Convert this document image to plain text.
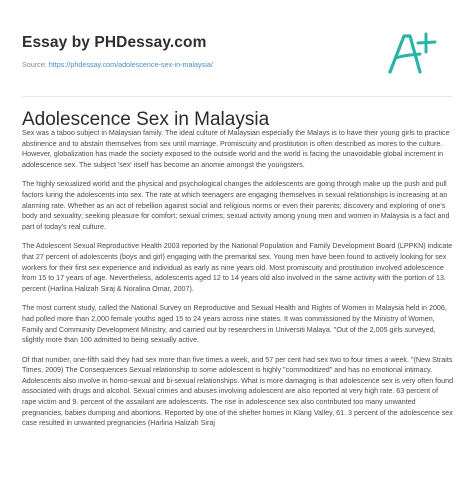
Essay by PHDessay.com
Source: https://phdessay.com/adolescence-sex-in-malaysia/
Adolescence Sex in Malaysia

Sex was a taboo subject in Malaysian family. The ideal culture of Malaysian especially the Malays is to have their young girls to practice abstinence and to abstain themselves from sex until marriage. Promiscuity and prostitution is often described as mores to the culture. However, globalization has made the society exposed to the outside world and the world is facing the unavoidable global increment in adolescence sex. The subject 'sex' itself has become an anomie amongst the youngsters.

The highly sexualized world and the physical and psychological changes the adolescents are going through make up the push and pull factors luring the adolescents into sex. The rate at which teenagers are engaging themselves in sexual relationships is increasing at an alarming rate. Whether as an act of rebellion against social and religious norms or even their parents; discovery and exploring of one's body and sexuality; seeking pleasure for comfort; sexual crimes; sexual activity among young men and women in Malaysia is a fact and part of today's real culture.

The Adolescent Sexual Reproductive Health 2003 reported by the National Population and Family Development Board (LPPKN) indicate that 27 percent of adolescents (boys and girl) engaging with the premarital sex. Young men have been found to actively looking for sex workers for their first sex experience and individual as early as nine years old. Most promiscuity and prostitution involved adolescence from 15 to 17 years of age. Nevertheless, adolescents aged 12 to 14 years old also involved in the same activity with the portion of 13. percent (Harlina Halizah Siraj & Noralina Omar, 2007).

The most current study, called the National Survey on Reproductive and Sexual Health and Rights of Women in Malaysia held in 2006, had polled more than 2,000 female youths aged 15 to 24 years across nine states. It was commissioned by the Ministry of Women, Family and Community Development Ministry, and carried out by researchers in Universiti Malaya. "Out of the 2,005 girls surveyed, slightly more than 100 admitted to being sexually active.

Of that number, one-fifth said they had sex more than five times a week, and 57 per cent had sex two to four times a week. "(New Straits Times, 2009) The Consequences Sexual relationship to some adolescent is highly "commoditized" and has no emotional intimacy. Adolescents also involve in homo-sexual and bi-sexual relationships. What is more damaging is that adolescence sex is very often found associated with drugs and alcohol. Sexual crimes and abuses involving adolescent are also reported at very high rate. 63 percent of rape victim and 9. percent of the assailant are adolescents. The rise in adolescence sex also contributed too many unwanted pregnancies, babies dumping and abortions. Reported by one of the shelter homes in Klang Valley, 61. 3 percent of the adolescence sex case resulted in unwanted pregnancies (Harlina Halizah Siraj
